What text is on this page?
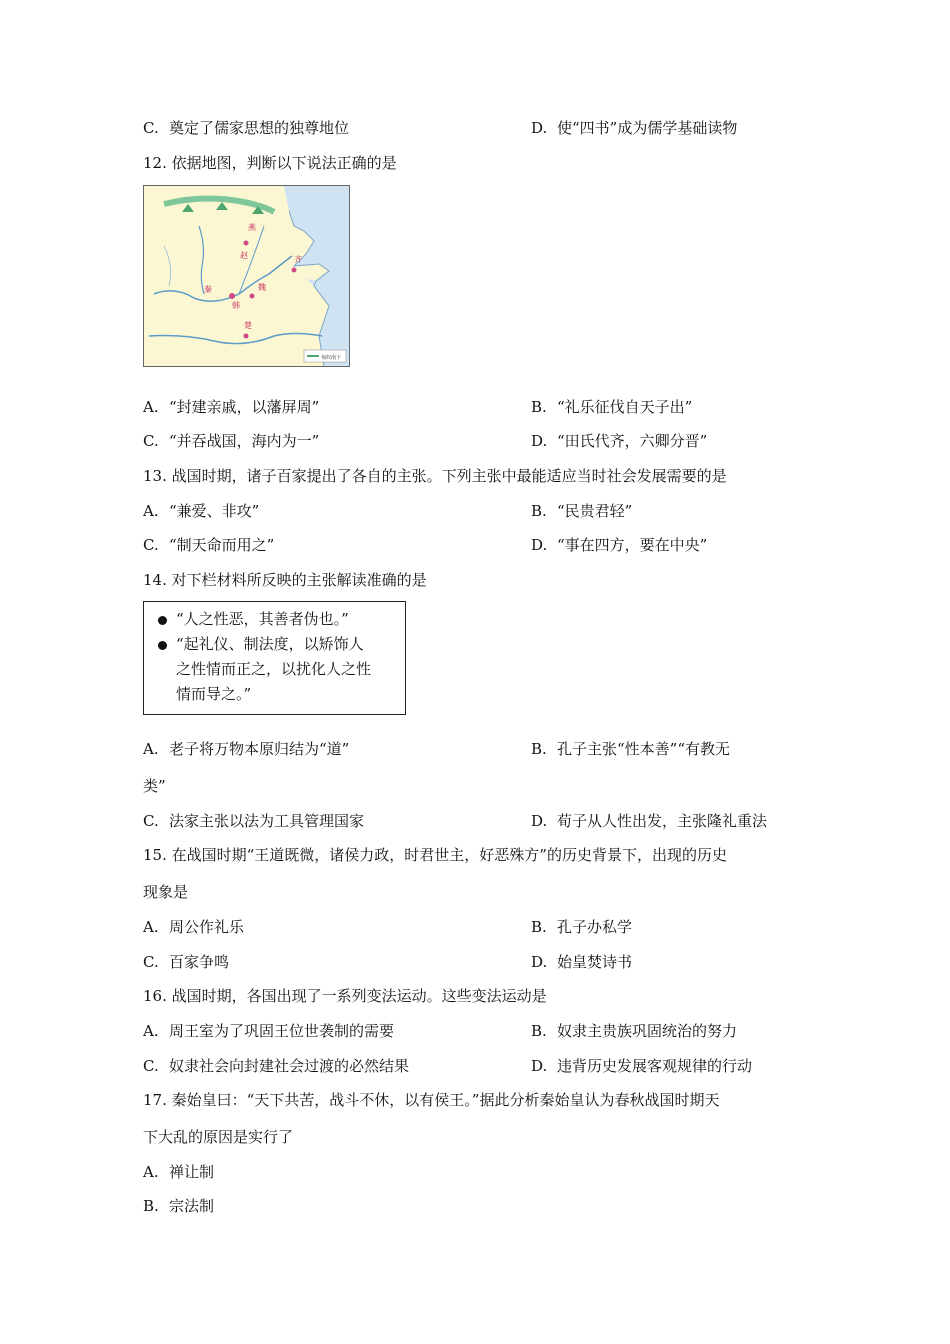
C. 奠定了儒家思想的独尊地位	D. 使“四书”成为儒学基础读物
12. 依据地图，判断以下说法正确的是
燕
赵	齐
魏
秦
韩
楚
匈奴南下
A. “封建亲戚，以藩屏周”	B. “礼乐征伐自天子出”
C. “并吞战国，海内为一”	D. “田氏代齐，六卿分晋”
13. 战国时期，诸子百家提出了各自的主张。下列主张中最能适应当时社会发展需要的是
A. “兼爱、非攻”	B. “民贵君轻”
C. “制天命而用之”	D. “事在四方，要在中央”
14. 对下栏材料所反映的主张解读准确的是
“人之性恶，其善者伪也。”
“起礼仪、制法度，以矫饰人
之性情而正之，以扰化人之性
情而导之。”
A. 老子将万物本原归结为“道”	B. 孔子主张“性本善”“有教无
类”
C. 法家主张以法为工具管理国家	D. 荀子从人性出发，主张隆礼重法
15. 在战国时期“王道既微，诸侯力政，时君世主，好恶殊方”的历史背景下，出现的历史
现象是
A. 周公作礼乐	B. 孔子办私学
C. 百家争鸣	D. 始皇焚诗书
16. 战国时期，各国出现了一系列变法运动。这些变法运动是
A. 周王室为了巩固王位世袭制的需要	B. 奴隶主贵族巩固统治的努力
C. 奴隶社会向封建社会过渡的必然结果	D. 违背历史发展客观规律的行动
17. 秦始皇曰：“天下共苦，战斗不休，以有侯王。”据此分析秦始皇认为春秋战国时期天
下大乱的原因是实行了
A. 禅让制
B. 宗法制
